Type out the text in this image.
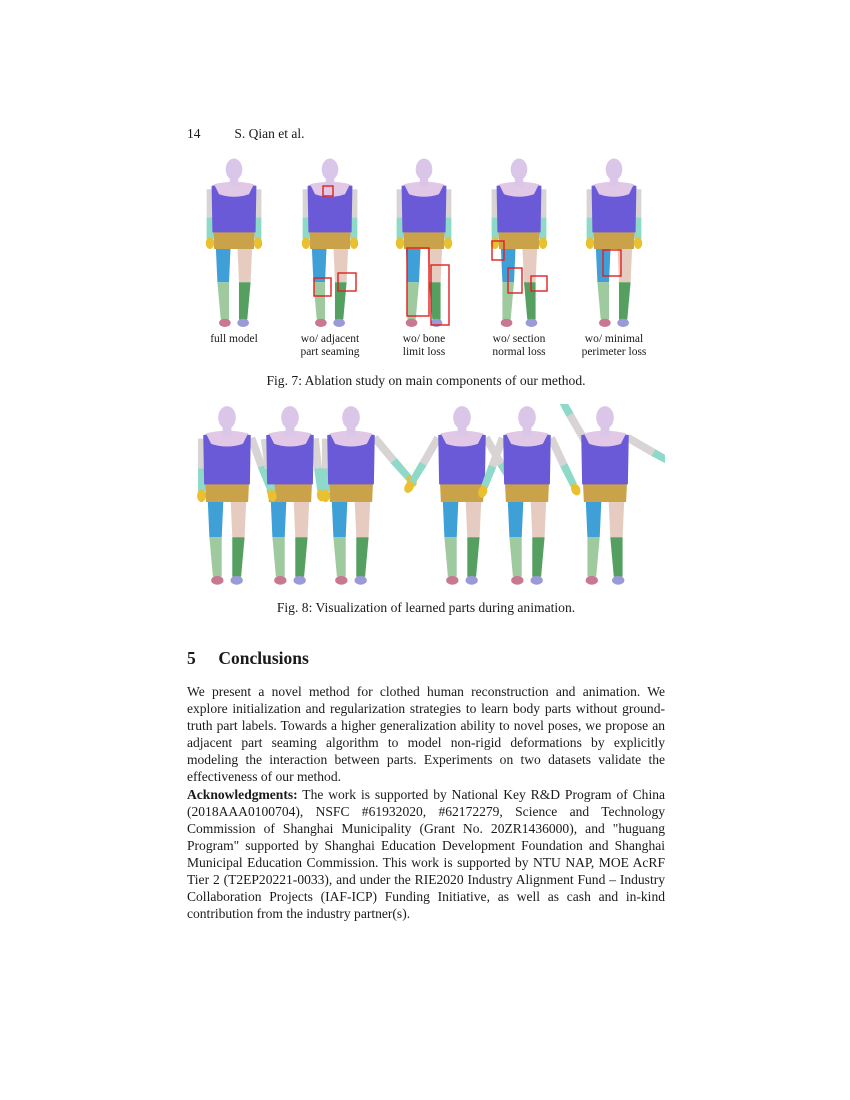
14	S. Qian et al.
full model	wo/ adjacent
part seaming
wo/ bone
limit loss
wo/ section
normal loss
wo/ minimal
perimeter loss
Fig. 7: Ablation study on main components of our method.
Fig. 8: Visualization of learned parts during animation.
5 Conclusions

We present a novel method for clothed human reconstruction and animation. We explore initialization and regularization strategies to learn body parts without ground-truth part labels. Towards a higher generalization ability to novel poses, we propose an adjacent part seaming algorithm to model non-rigid deformations by explicitly modeling the interaction between parts. Experiments on two datasets validate the effectiveness of our method.

Acknowledgments: The work is supported by National Key R&D Program of China (2018AAA0100704), NSFC #61932020, #62172279, Science and Technology Commission of Shanghai Municipality (Grant No. 20ZR1436000), and "huguang Program" supported by Shanghai Education Development Foundation and Shanghai Municipal Education Commission. This work is supported by NTU NAP, MOE AcRF Tier 2 (T2EP20221-0033), and under the RIE2020 Industry Alignment Fund – Industry Collaboration Projects (IAF-ICP) Funding Initiative, as well as cash and in-kind contribution from the industry partner(s).
